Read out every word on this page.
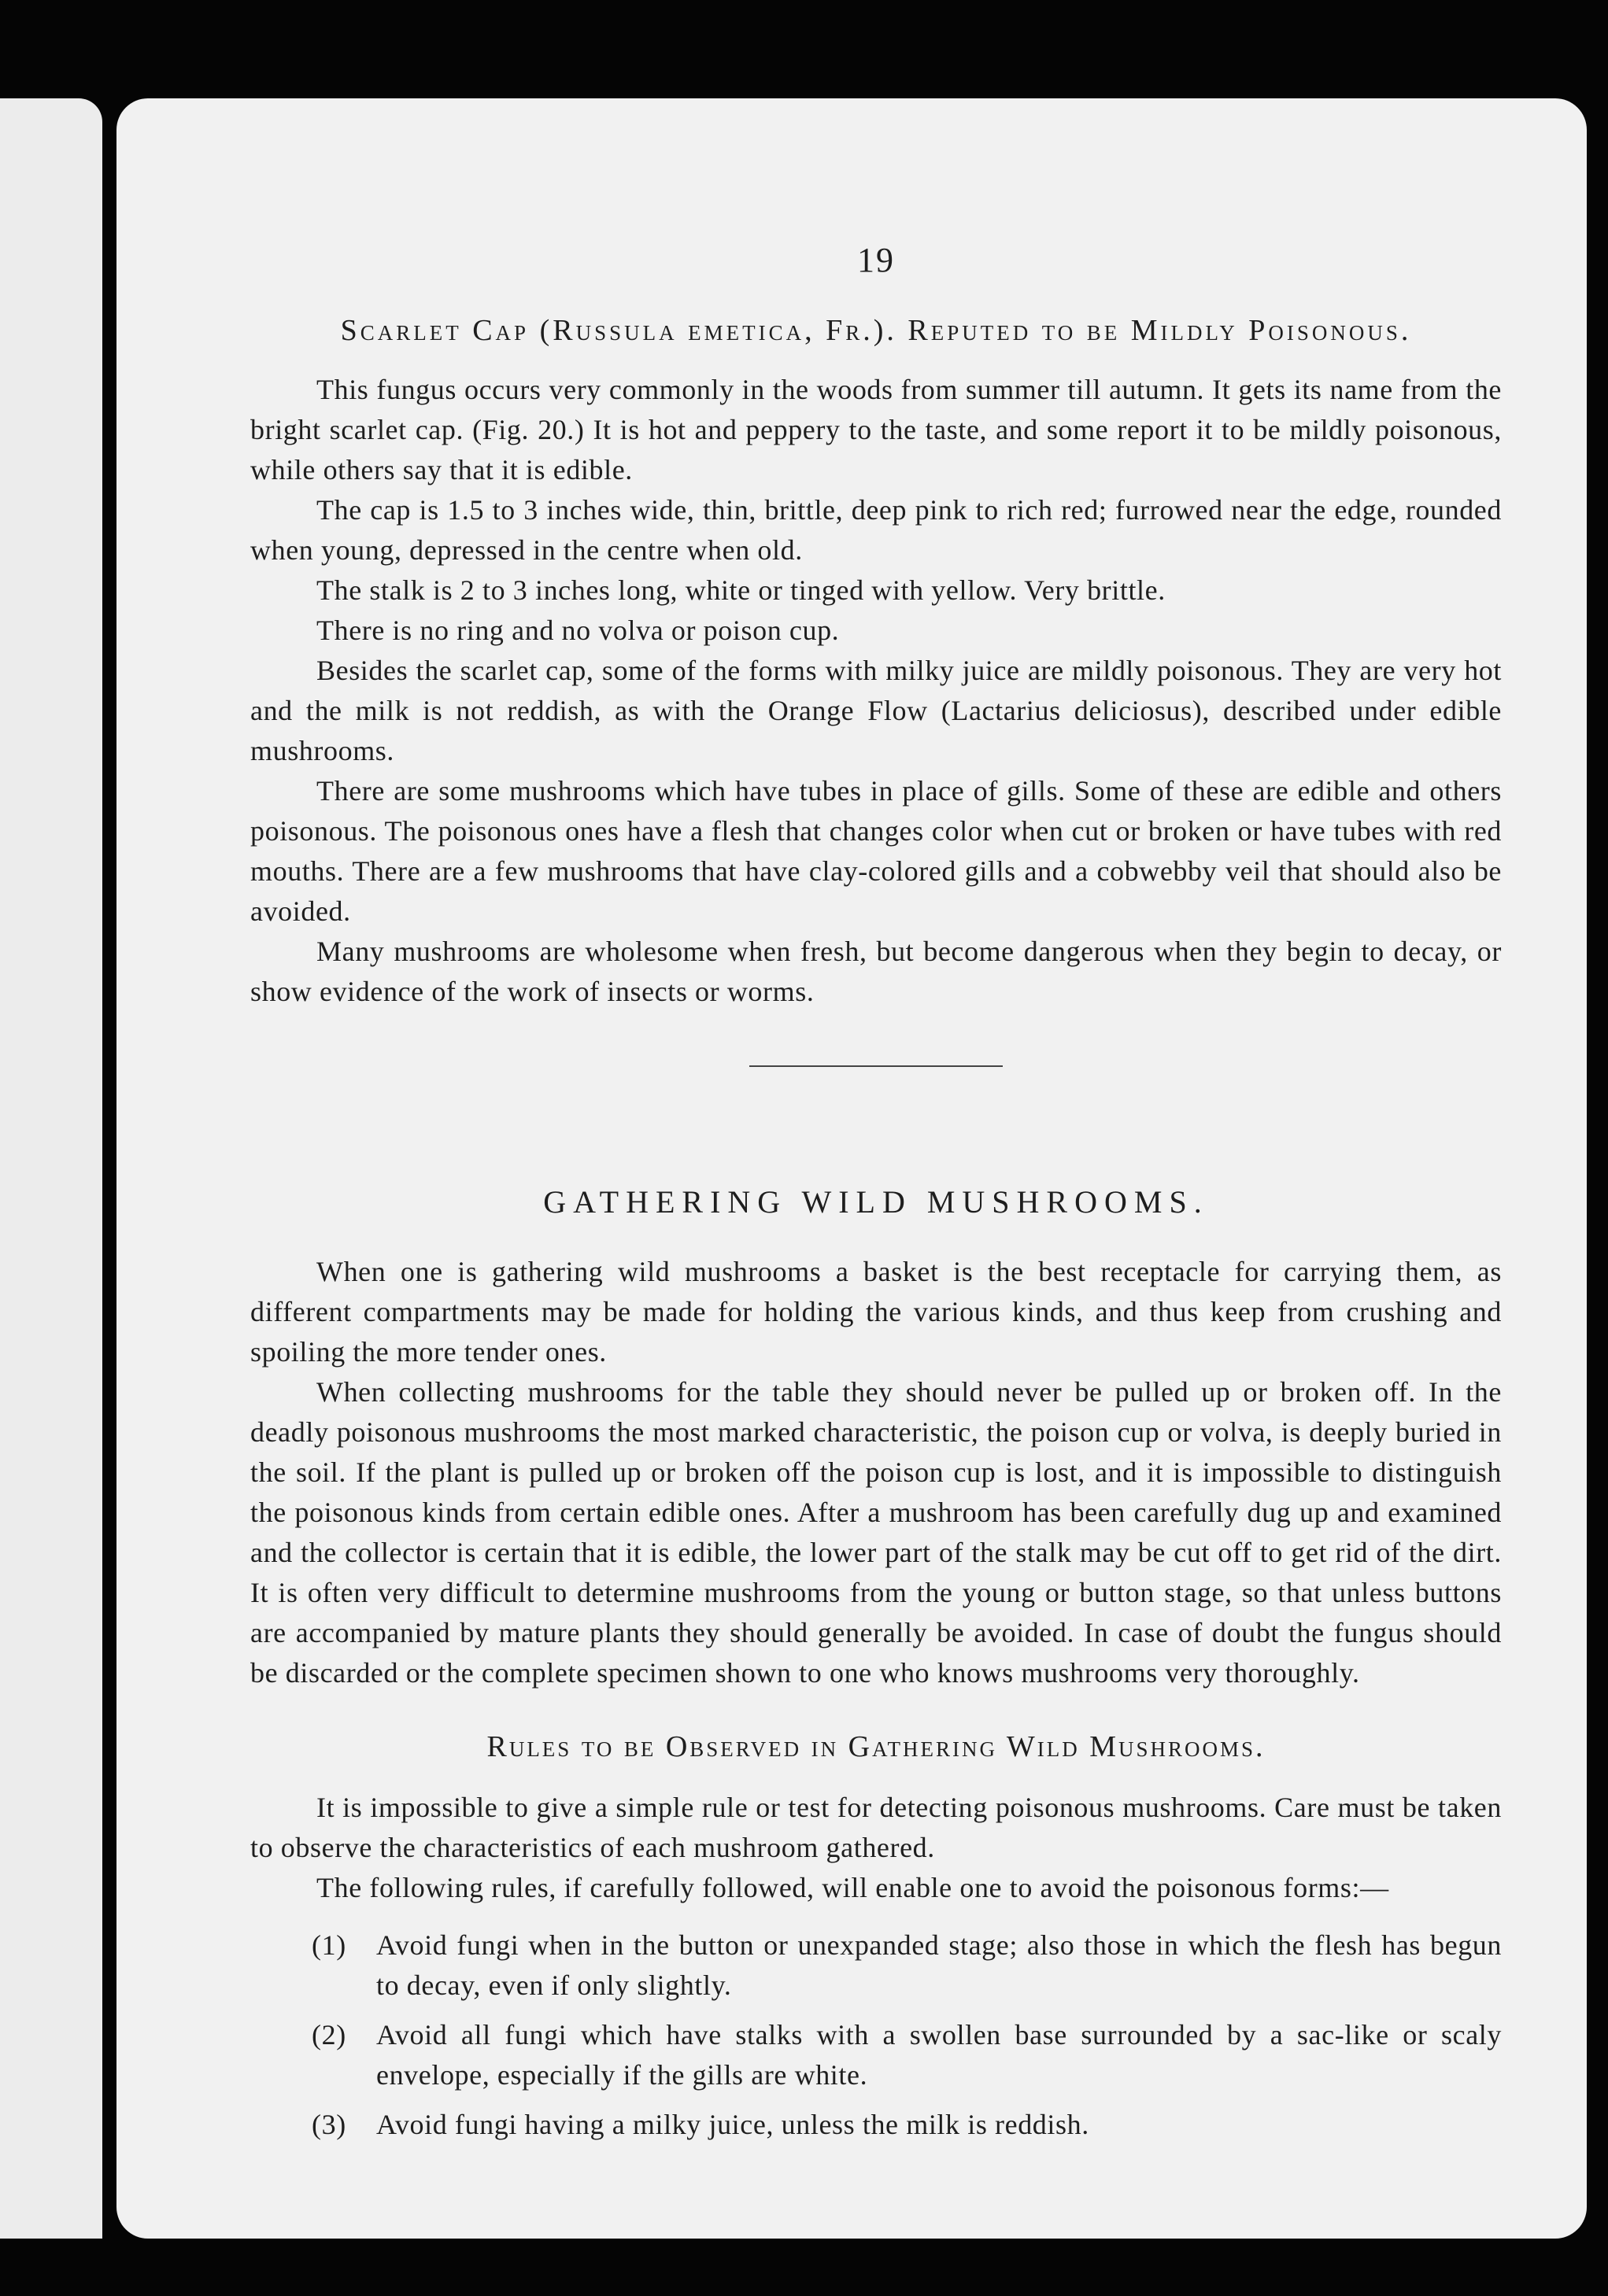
19
Scarlet Cap (Russula emetica, Fr.). Reputed to be Mildly Poisonous.

This fungus occurs very commonly in the woods from summer till autumn. It gets its name from the bright scarlet cap. (Fig. 20.) It is hot and peppery to the taste, and some report it to be mildly poisonous, while others say that it is edible.

The cap is 1.5 to 3 inches wide, thin, brittle, deep pink to rich red; furrowed near the edge, rounded when young, depressed in the centre when old.

The stalk is 2 to 3 inches long, white or tinged with yellow. Very brittle.

There is no ring and no volva or poison cup.

Besides the scarlet cap, some of the forms with milky juice are mildly poisonous. They are very hot and the milk is not reddish, as with the Orange Flow (Lactarius deliciosus), described under edible mushrooms.

There are some mushrooms which have tubes in place of gills. Some of these are edible and others poisonous. The poisonous ones have a flesh that changes color when cut or broken or have tubes with red mouths. There are a few mushrooms that have clay-colored gills and a cobwebby veil that should also be avoided.

Many mushrooms are wholesome when fresh, but become dangerous when they begin to decay, or show evidence of the work of insects or worms.

GATHERING WILD MUSHROOMS.

When one is gathering wild mushrooms a basket is the best receptacle for carrying them, as different compartments may be made for holding the various kinds, and thus keep from crushing and spoiling the more tender ones.

When collecting mushrooms for the table they should never be pulled up or broken off. In the deadly poisonous mushrooms the most marked characteristic, the poison cup or volva, is deeply buried in the soil. If the plant is pulled up or broken off the poison cup is lost, and it is impossible to distinguish the poisonous kinds from certain edible ones. After a mushroom has been carefully dug up and examined and the collector is certain that it is edible, the lower part of the stalk may be cut off to get rid of the dirt. It is often very difficult to determine mushrooms from the young or button stage, so that unless buttons are accompanied by mature plants they should generally be avoided. In case of doubt the fungus should be discarded or the complete specimen shown to one who knows mushrooms very thoroughly.

Rules to be Observed in Gathering Wild Mushrooms.

It is impossible to give a simple rule or test for detecting poisonous mushrooms. Care must be taken to observe the characteristics of each mushroom gathered.

The following rules, if carefully followed, will enable one to avoid the poisonous forms:—

(1) Avoid fungi when in the button or unexpanded stage; also those in which the flesh has begun to decay, even if only slightly.
(2) Avoid all fungi which have stalks with a swollen base surrounded by a sac-like or scaly envelope, especially if the gills are white.
(3) Avoid fungi having a milky juice, unless the milk is reddish.
